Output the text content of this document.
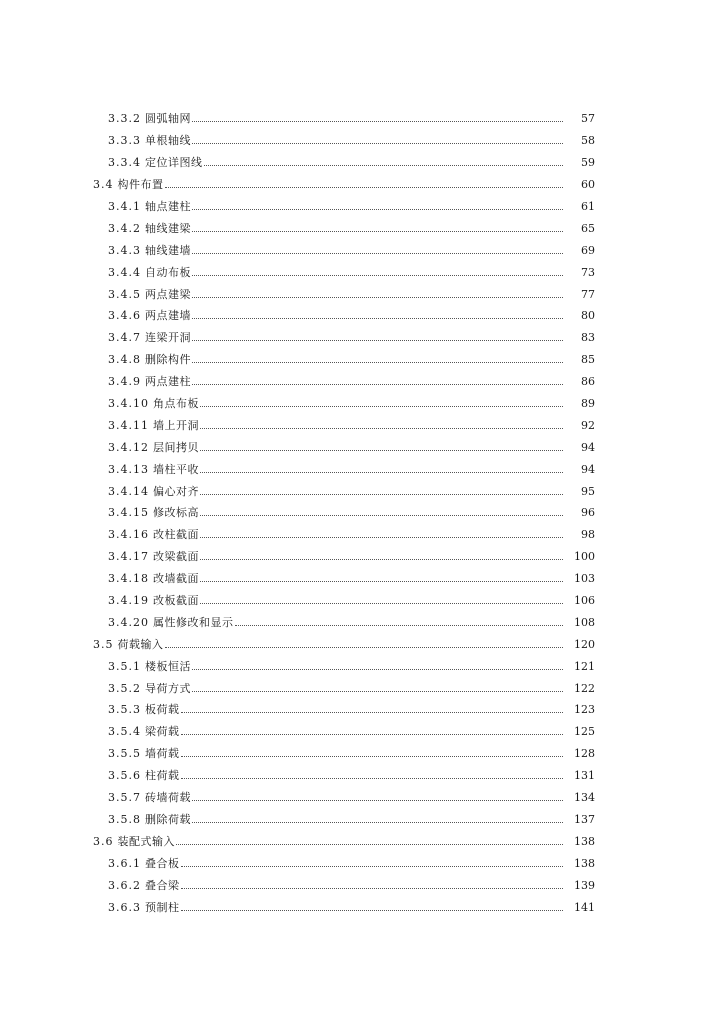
3.3.2 圆弧轴网	57
3.3.3 单根轴线	58
3.3.4 定位详图线	59
3.4 构件布置	60
3.4.1 轴点建柱	61
3.4.2 轴线建梁	65
3.4.3 轴线建墙	69
3.4.4 自动布板	73
3.4.5 两点建梁	77
3.4.6 两点建墙	80
3.4.7 连梁开洞	83
3.4.8 删除构件	85
3.4.9 两点建柱	86
3.4.10 角点布板	89
3.4.11 墙上开洞	92
3.4.12 层间拷贝	94
3.4.13 墙柱平收	94
3.4.14 偏心对齐	95
3.4.15 修改标高	96
3.4.16 改柱截面	98
3.4.17 改梁截面	100
3.4.18 改墙截面	103
3.4.19 改板截面	106
3.4.20 属性修改和显示	108
3.5 荷载输入	120
3.5.1 楼板恒活	121
3.5.2 导荷方式	122
3.5.3 板荷载	123
3.5.4 梁荷载	125
3.5.5 墙荷载	128
3.5.6 柱荷载	131
3.5.7 砖墙荷载	134
3.5.8 删除荷载	137
3.6 装配式输入	138
3.6.1 叠合板	138
3.6.2 叠合梁	139
3.6.3 预制柱	141
